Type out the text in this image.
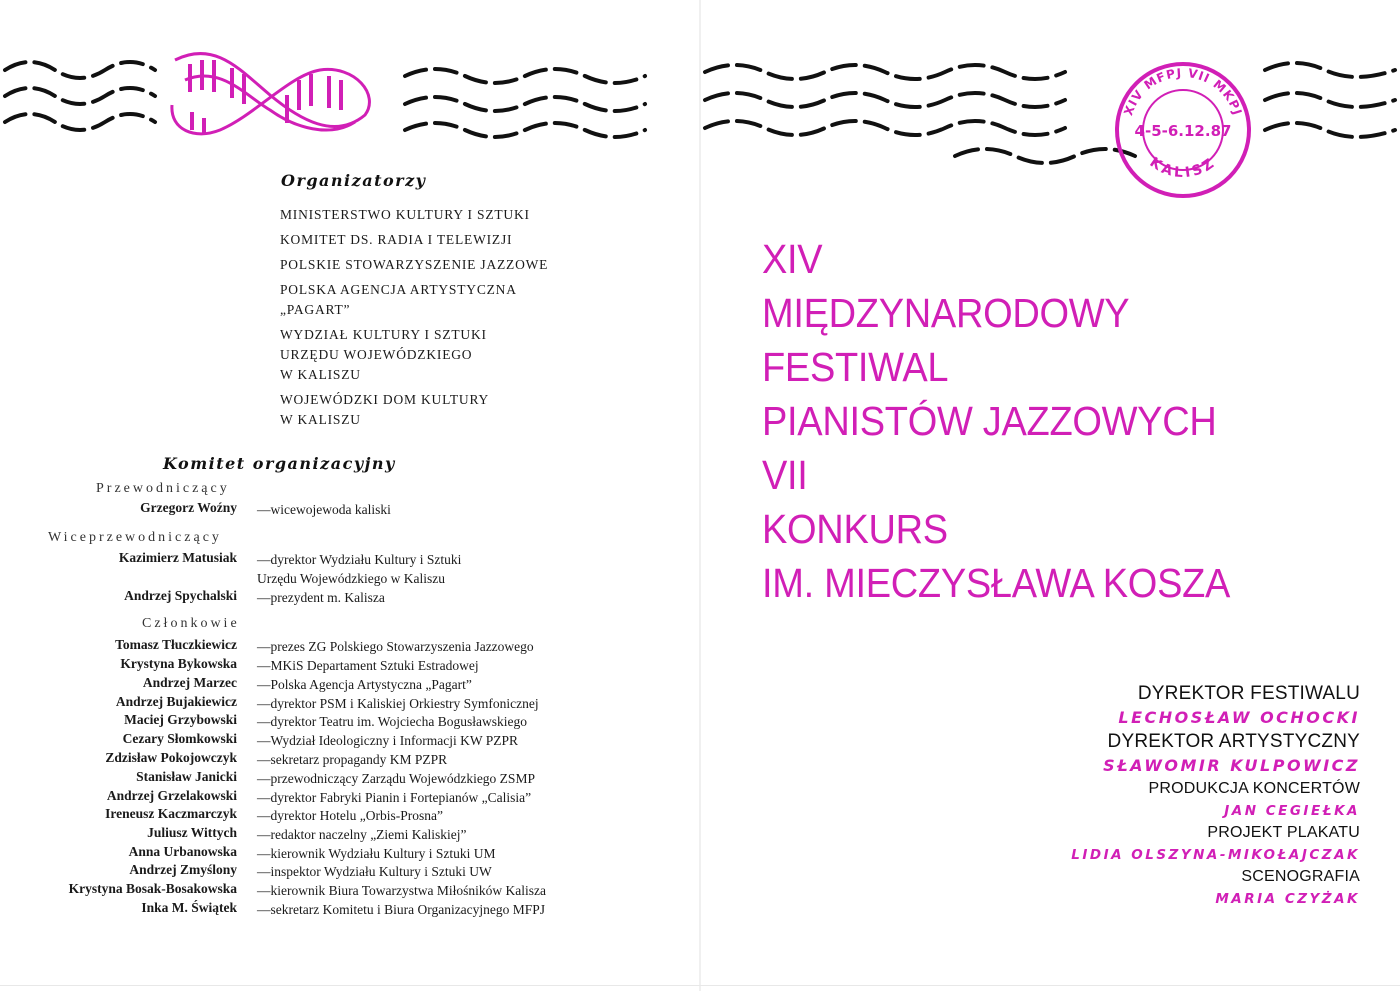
Organizatorzy
MINISTERSTWO KULTURY I SZTUKI
KOMITET DS. RADIA I TELEWIZJI
POLSKIE STOWARZYSZENIE JAZZOWE
POLSKA AGENCJA ARTYSTYCZNA
„PAGART”
WYDZIAŁ KULTURY I SZTUKI
URZĘDU WOJEWÓDZKIEGO
W KALISZU
WOJEWÓDZKI DOM KULTURY
W KALISZU
Komitet organizacyjny
Przewodniczący
Grzegorz Woźny —wicewojewoda kaliski
Wiceprzewodniczący
Kazimierz Matusiak —dyrektor Wydziału Kultury i Sztuki
Urzędu Wojewódzkiego w Kaliszu
Andrzej Spychalski —prezydent m. Kalisza
Członkowie
Tomasz Tłuczkiewicz —prezes ZG Polskiego Stowarzyszenia Jazzowego
Krystyna Bykowska —MKiS Departament Sztuki Estradowej
Andrzej Marzec —Polska Agencja Artystyczna „Pagart”
Andrzej Bujakiewicz —dyrektor PSM i Kaliskiej Orkiestry Symfonicznej
Maciej Grzybowski —dyrektor Teatru im. Wojciecha Bogusławskiego
Cezary Słomkowski —Wydział Ideologiczny i Informacji KW PZPR
Zdzisław Pokojowczyk —sekretarz propagandy KM PZPR
Stanisław Janicki —przewodniczący Zarządu Wojewódzkiego ZSMP
Andrzej Grzelakowski —dyrektor Fabryki Pianin i Fortepianów „Calisia”
Ireneusz Kaczmarczyk —dyrektor Hotelu „Orbis-Prosna”
Juliusz Wittych —redaktor naczelny „Ziemi Kaliskiej”
Anna Urbanowska —kierownik Wydziału Kultury i Sztuki UM
Andrzej Zmyślony —inspektor Wydziału Kultury i Sztuki UW
Krystyna Bosak-Bosakowska —kierownik Biura Towarzystwa Miłośników Kalisza
Inka M. Świątek —sekretarz Komitetu i Biura Organizacyjnego MFPJ
XIV MFPJ VII MKPJ
4-5-6.12.87
KALISZ
XIV
MIĘDZYNARODOWY
FESTIWAL
PIANISTÓW JAZZOWYCH
VII
KONKURS
IM. MIECZYSŁAWA KOSZA
DYREKTOR FESTIWALU
LECHOSŁAW OCHOCKI
DYREKTOR ARTYSTYCZNY
SŁAWOMIR KULPOWICZ
PRODUKCJA KONCERTÓW
JAN CEGIEŁKA
PROJEKT PLAKATU
LIDIA OLSZYNA-MIKOŁAJCZAK
SCENOGRAFIA
MARIA CZYŻAK
